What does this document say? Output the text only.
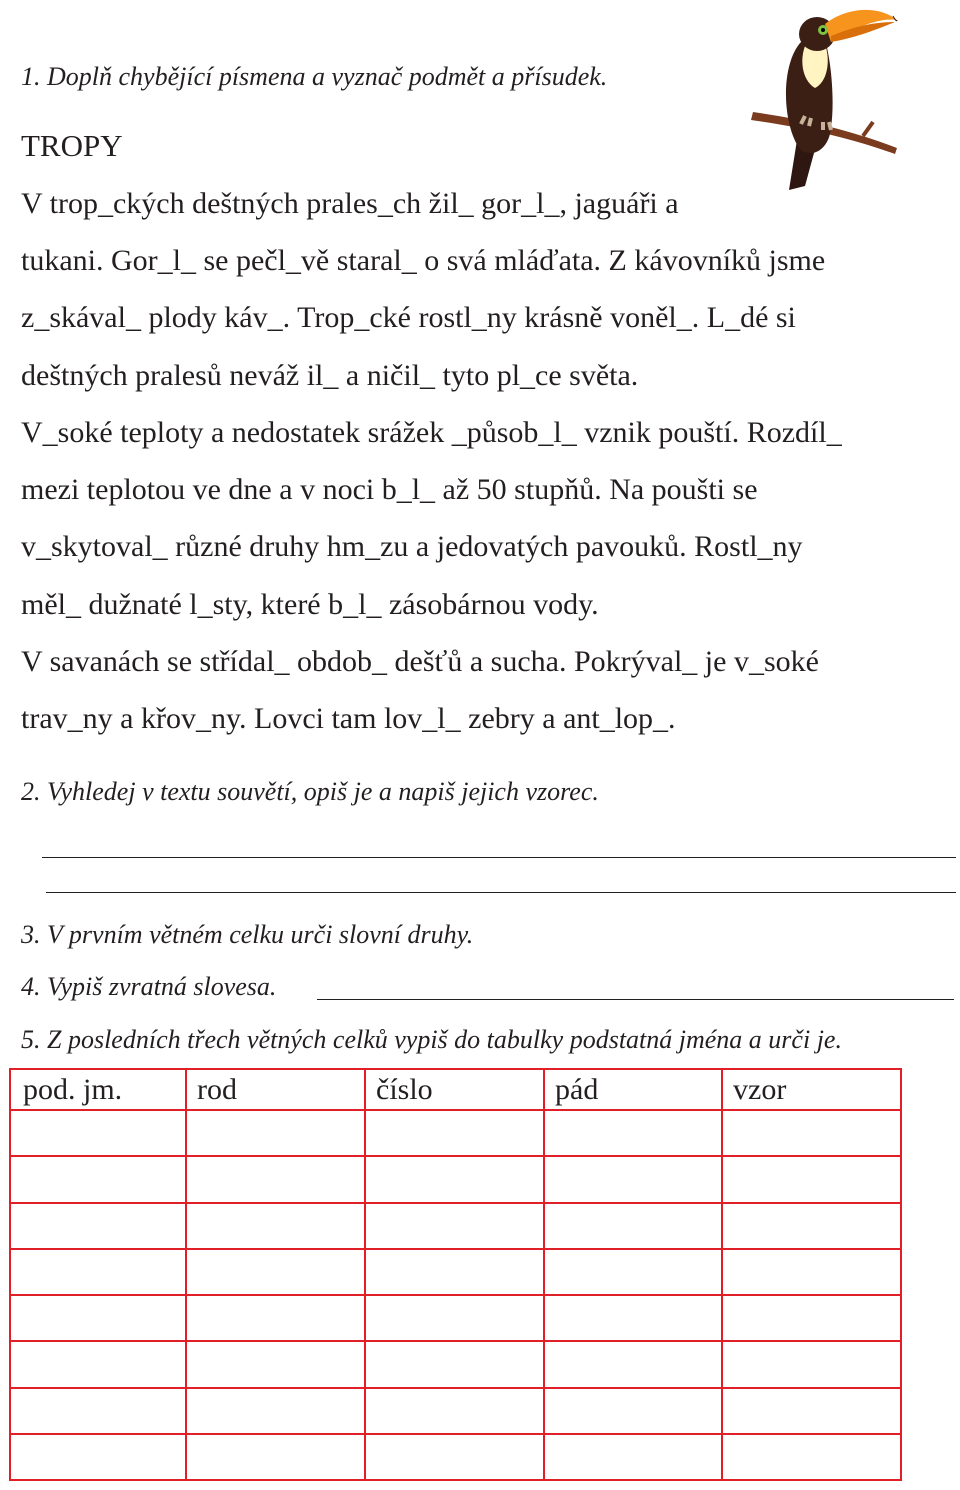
1. Doplň chybějící písmena a vyznač podmět a přísudek.
TROPY
V trop_ckých deštných prales_ch žil_ gor_l_, jaguáři a
tukani. Gor_l_ se pečl_vě staral_ o svá mláďata. Z kávovníků jsme
z_skával_ plody káv_. Trop_cké rostl_ny krásně voněl_. L_dé si
deštných pralesů neváž il_ a ničil_ tyto pl_ce světa.
V_soké teploty a nedostatek srážek _působ_l_ vznik pouští. Rozdíl_
mezi teplotou ve dne a v noci b_l_ až 50 stupňů. Na poušti se
v_skytoval_ různé druhy hm_zu a jedovatých pavouků. Rostl_ny
měl_ dužnaté l_sty, které b_l_ zásobárnou vody.
V savanách se střídal_ obdob_ dešťů a sucha. Pokrýval_ je v_soké
trav_ny a křov_ny. Lovci tam lov_l_ zebry a ant_lop_.
2. Vyhledej v textu souvětí, opiš je a napiš jejich vzorec.
3. V prvním větném celku urči slovní druhy.
4. Vypiš zvratná slovesa.
5. Z posledních třech větných celků vypiš do tabulky podstatná jména a urči je.
pod. jm.	rod	číslo	pád	vzor
